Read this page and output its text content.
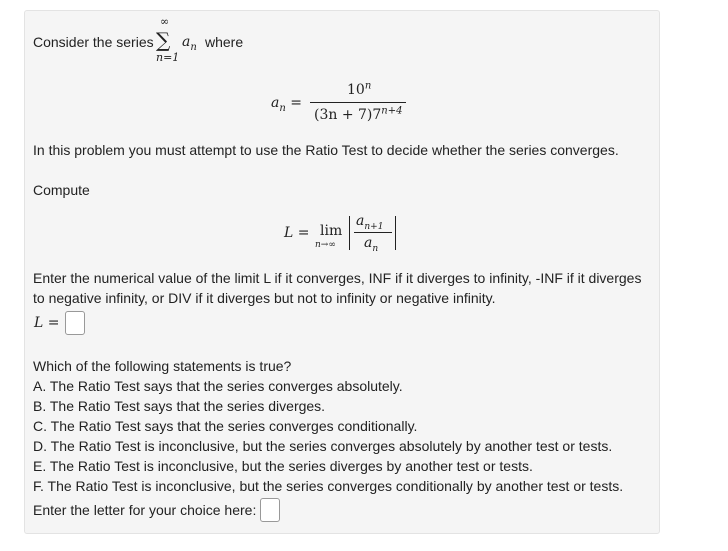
Consider the series
∞
∑
n=1
$a_n$ where
$a_n$ =
$10^n$
$(3n + 7)7^{n+4}$
In this problem you must attempt to use the Ratio Test to decide whether the series converges.
Compute
L = lim
n→∞
$a_{n+1}$
$a_n$
Enter the numerical value of the limit L if it converges, INF if it diverges to infinity, -INF if it diverges
to negative infinity, or DIV if it diverges but not to infinity or negative infinity.
L =
Which of the following statements is true?
A. The Ratio Test says that the series converges absolutely.
B. The Ratio Test says that the series diverges.
C. The Ratio Test says that the series converges conditionally.
D. The Ratio Test is inconclusive, but the series converges absolutely by another test or tests.
E. The Ratio Test is inconclusive, but the series diverges by another test or tests.
F. The Ratio Test is inconclusive, but the series converges conditionally by another test or tests.
Enter the letter for your choice here:
